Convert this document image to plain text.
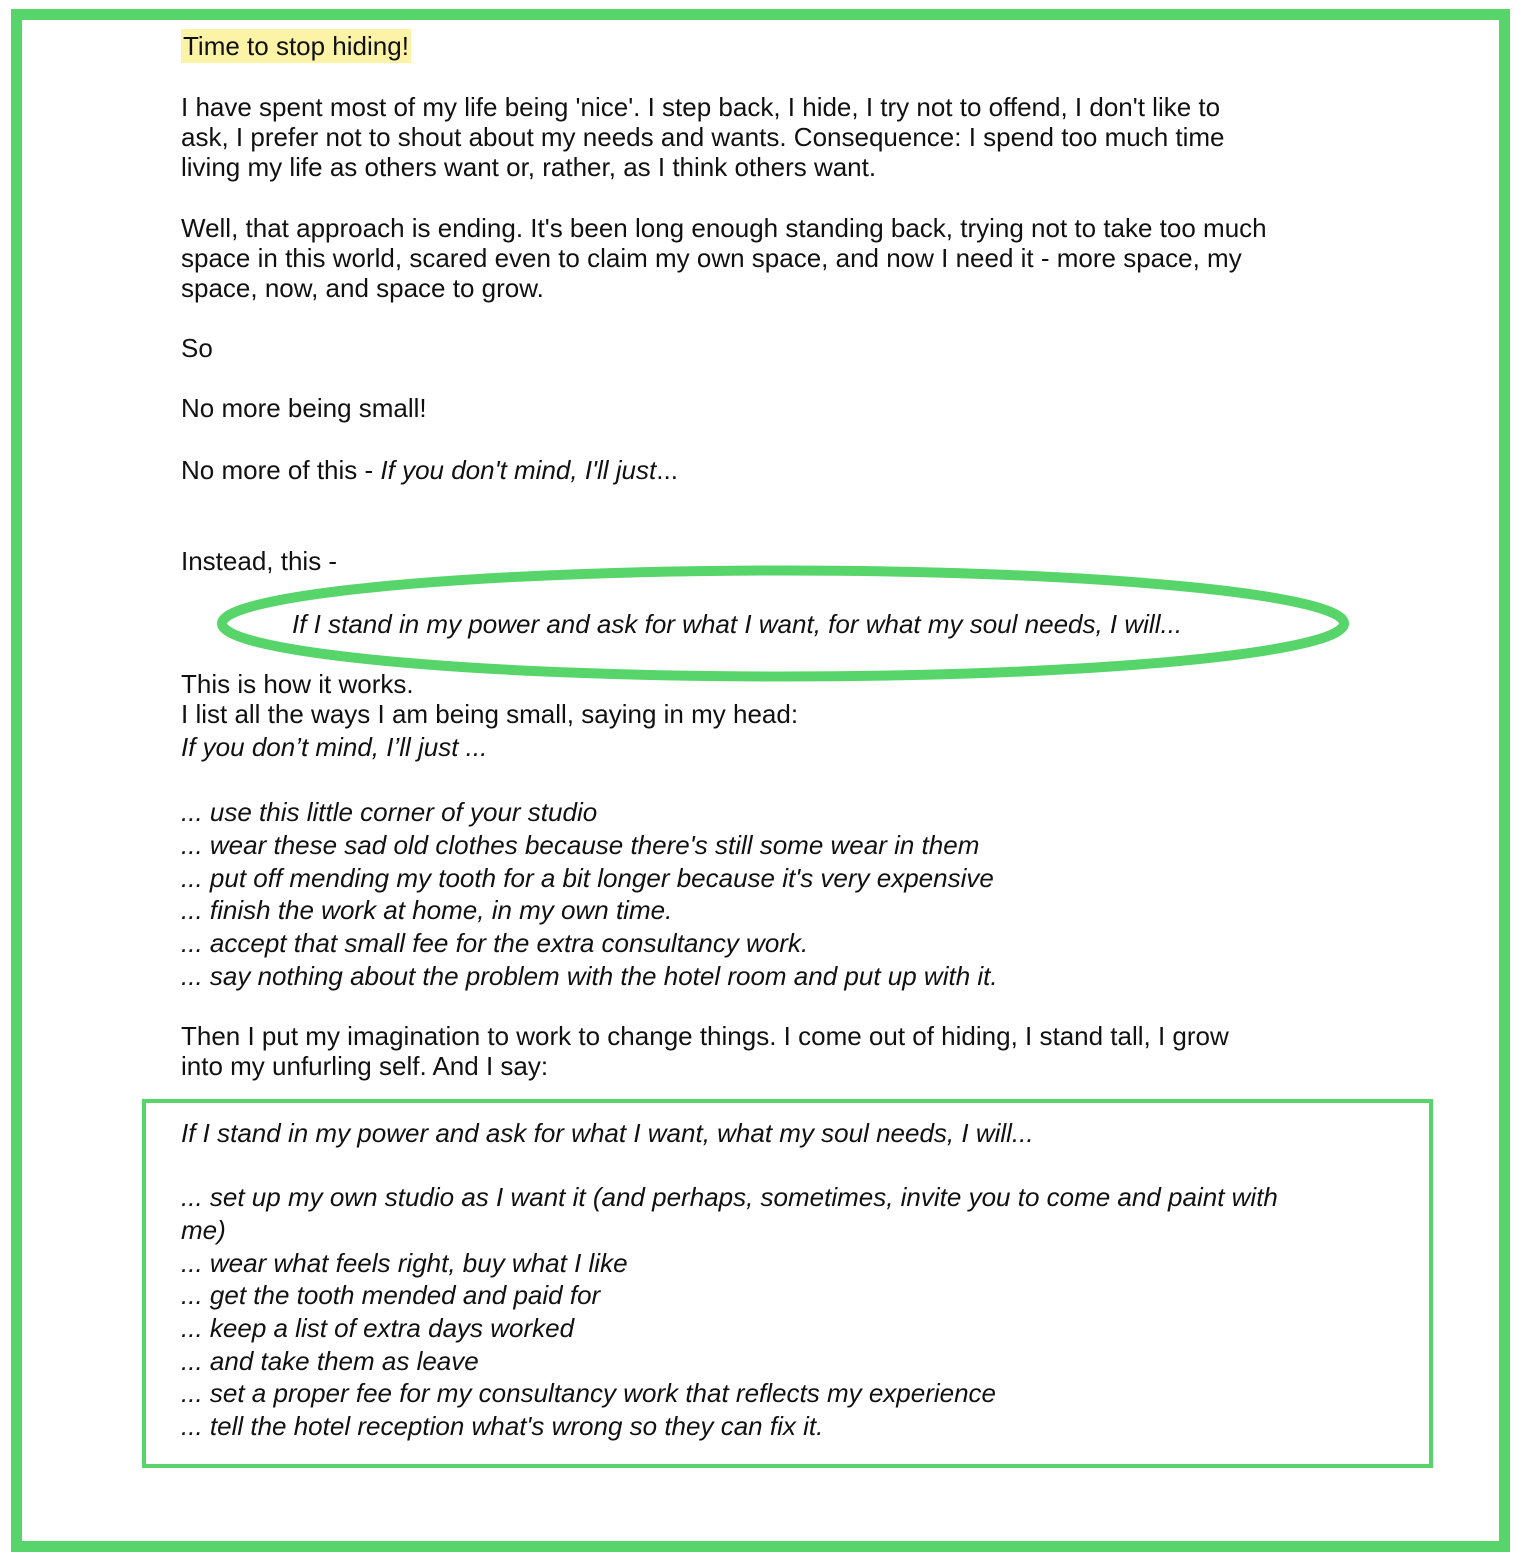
Time to stop hiding!
I have spent most of my life being 'nice'. I step back, I hide, I try not to offend, I don't like to
ask, I prefer not to shout about my needs and wants. Consequence: I spend too much time
living my life as others want or, rather, as I think others want.
Well, that approach is ending. It's been long enough standing back, trying not to take too much
space in this world, scared even to claim my own space, and now I need it - more space, my
space, now, and space to grow.
So
No more being small!
No more of this - If you don't mind, I'll just...
Instead, this -
This is how it works.
I list all the ways I am being small, saying in my head:
If you don’t mind, I’ll just ...
... use this little corner of your studio
... wear these sad old clothes because there's still some wear in them
... put off mending my tooth for a bit longer because it's very expensive
... finish the work at home, in my own time.
... accept that small fee for the extra consultancy work.
... say nothing about the problem with the hotel room and put up with it.
Then I put my imagination to work to change things. I come out of hiding, I stand tall, I grow
into my unfurling self. And I say:
If I stand in my power and ask for what I want, for what my soul needs, I will...
If I stand in my power and ask for what I want, what my soul needs, I will...
... set up my own studio as I want it (and perhaps, sometimes, invite you to come and paint with
me)
... wear what feels right, buy what I like
... get the tooth mended and paid for
... keep a list of extra days worked
... and take them as leave
... set a proper fee for my consultancy work that reflects my experience
... tell the hotel reception what's wrong so they can fix it.
